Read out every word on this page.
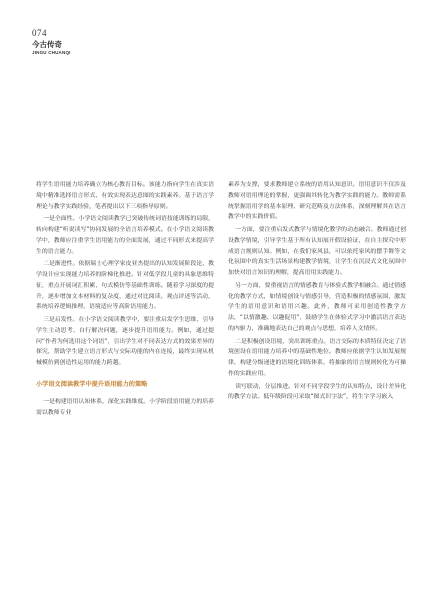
074
今古传奇
JINGU CHUANQI

将学生语用能力培养确立为核心教育目标。该能力指向学生在真实语境中精准选择语言形式、有效实现表达意图的实践素养。基于语言学理论与教学实践经验，笔者提出以下三项指导原则。

一是全面性。小学语文阅读教学已突破传统词语技能训练的局限，转向构建“听说读写”协同发展的全语言培养模式。在小学语文阅读教学中，教师应注重学生语用能力的全面发展，通过不同形式来提高学生的语言能力。

二是渐进性。依据瑞士心理学家皮亚杰提出的认知发展阶段论，教学设计应实现能力培养的阶梯化推进。针对低学段儿童的具象思维特征，重点开展词汇积累、句式模仿等基础性训练。随着学习深度的提升，逐步增加文本材料的复杂度，通过对比阅读、观点评述等活动，系统培养逻辑推理、语境适应等高阶语用能力。

三是启发性。在小学语文阅读教学中，要注重启发学生思维，引导学生主动思考、自行解决问题，逐步提升语用能力。例如，通过提问“作者为何选用这个词语”，引出学生对不同表达方式的效果差异的探究，帮助学生建立语言形式与交际功能的内在连接，最终实现从机械模仿到创造性运用的能力跨越。

小学语文阅读教学中提升语用能力的策略

一是构建语用认知体系，深化实践维度。小学阶段语用能力的培养需以教师专业

素养为支撑，要求教师建立系统的语用认知意识。语用意识不仅涉及教师对语用理论的掌握，更强调其转化为教学实践的能力。教师需系统掌握语用学的基本原理、研究范畴及方法体系，深刻理解其在语言教学中的实践价值。

一方面，要注重启发式教学与情境化教学的动态融合。教师通过创设教学情境，引导学生基于所有认知展开假设验证，在自主探究中形成语言规则认知。例如，在我们家风县，可以依托家风的摆手舞等文化氛围中的真实生活场景构建教学情境，让学生在沉浸式文化氛围中加快对语言知识的理解，提高语用实践能力。

另一方面，要重视语言的情感教育与体验式教学相融合。通过情感化的教学方式，如情境创设与情感引导，营造积极的情感氛围，激发学生的语用意识和语用兴趣。此外，教师可采用创造性教学方法，“以情激趣、以趣促用”，鼓励学生在体验式学习中激活语言表达的内驱力，准确地表达自己的观点与思想，培养人文情怀。

二是积极创设语境，突出训练重点。语言交际的本质特征决定了语境创设在语用能力培养中的基础性地位。教师应依据学生认知发展规律，构建分级递进的语境化训练体系，将抽象的语言规则转化为可操作的实践应用。

读写联动，分层推进。针对不同学段学生的认知特点，设计差异化的教学方法。低年级阶段可采取“图式识字法”，将生字学习嵌入
